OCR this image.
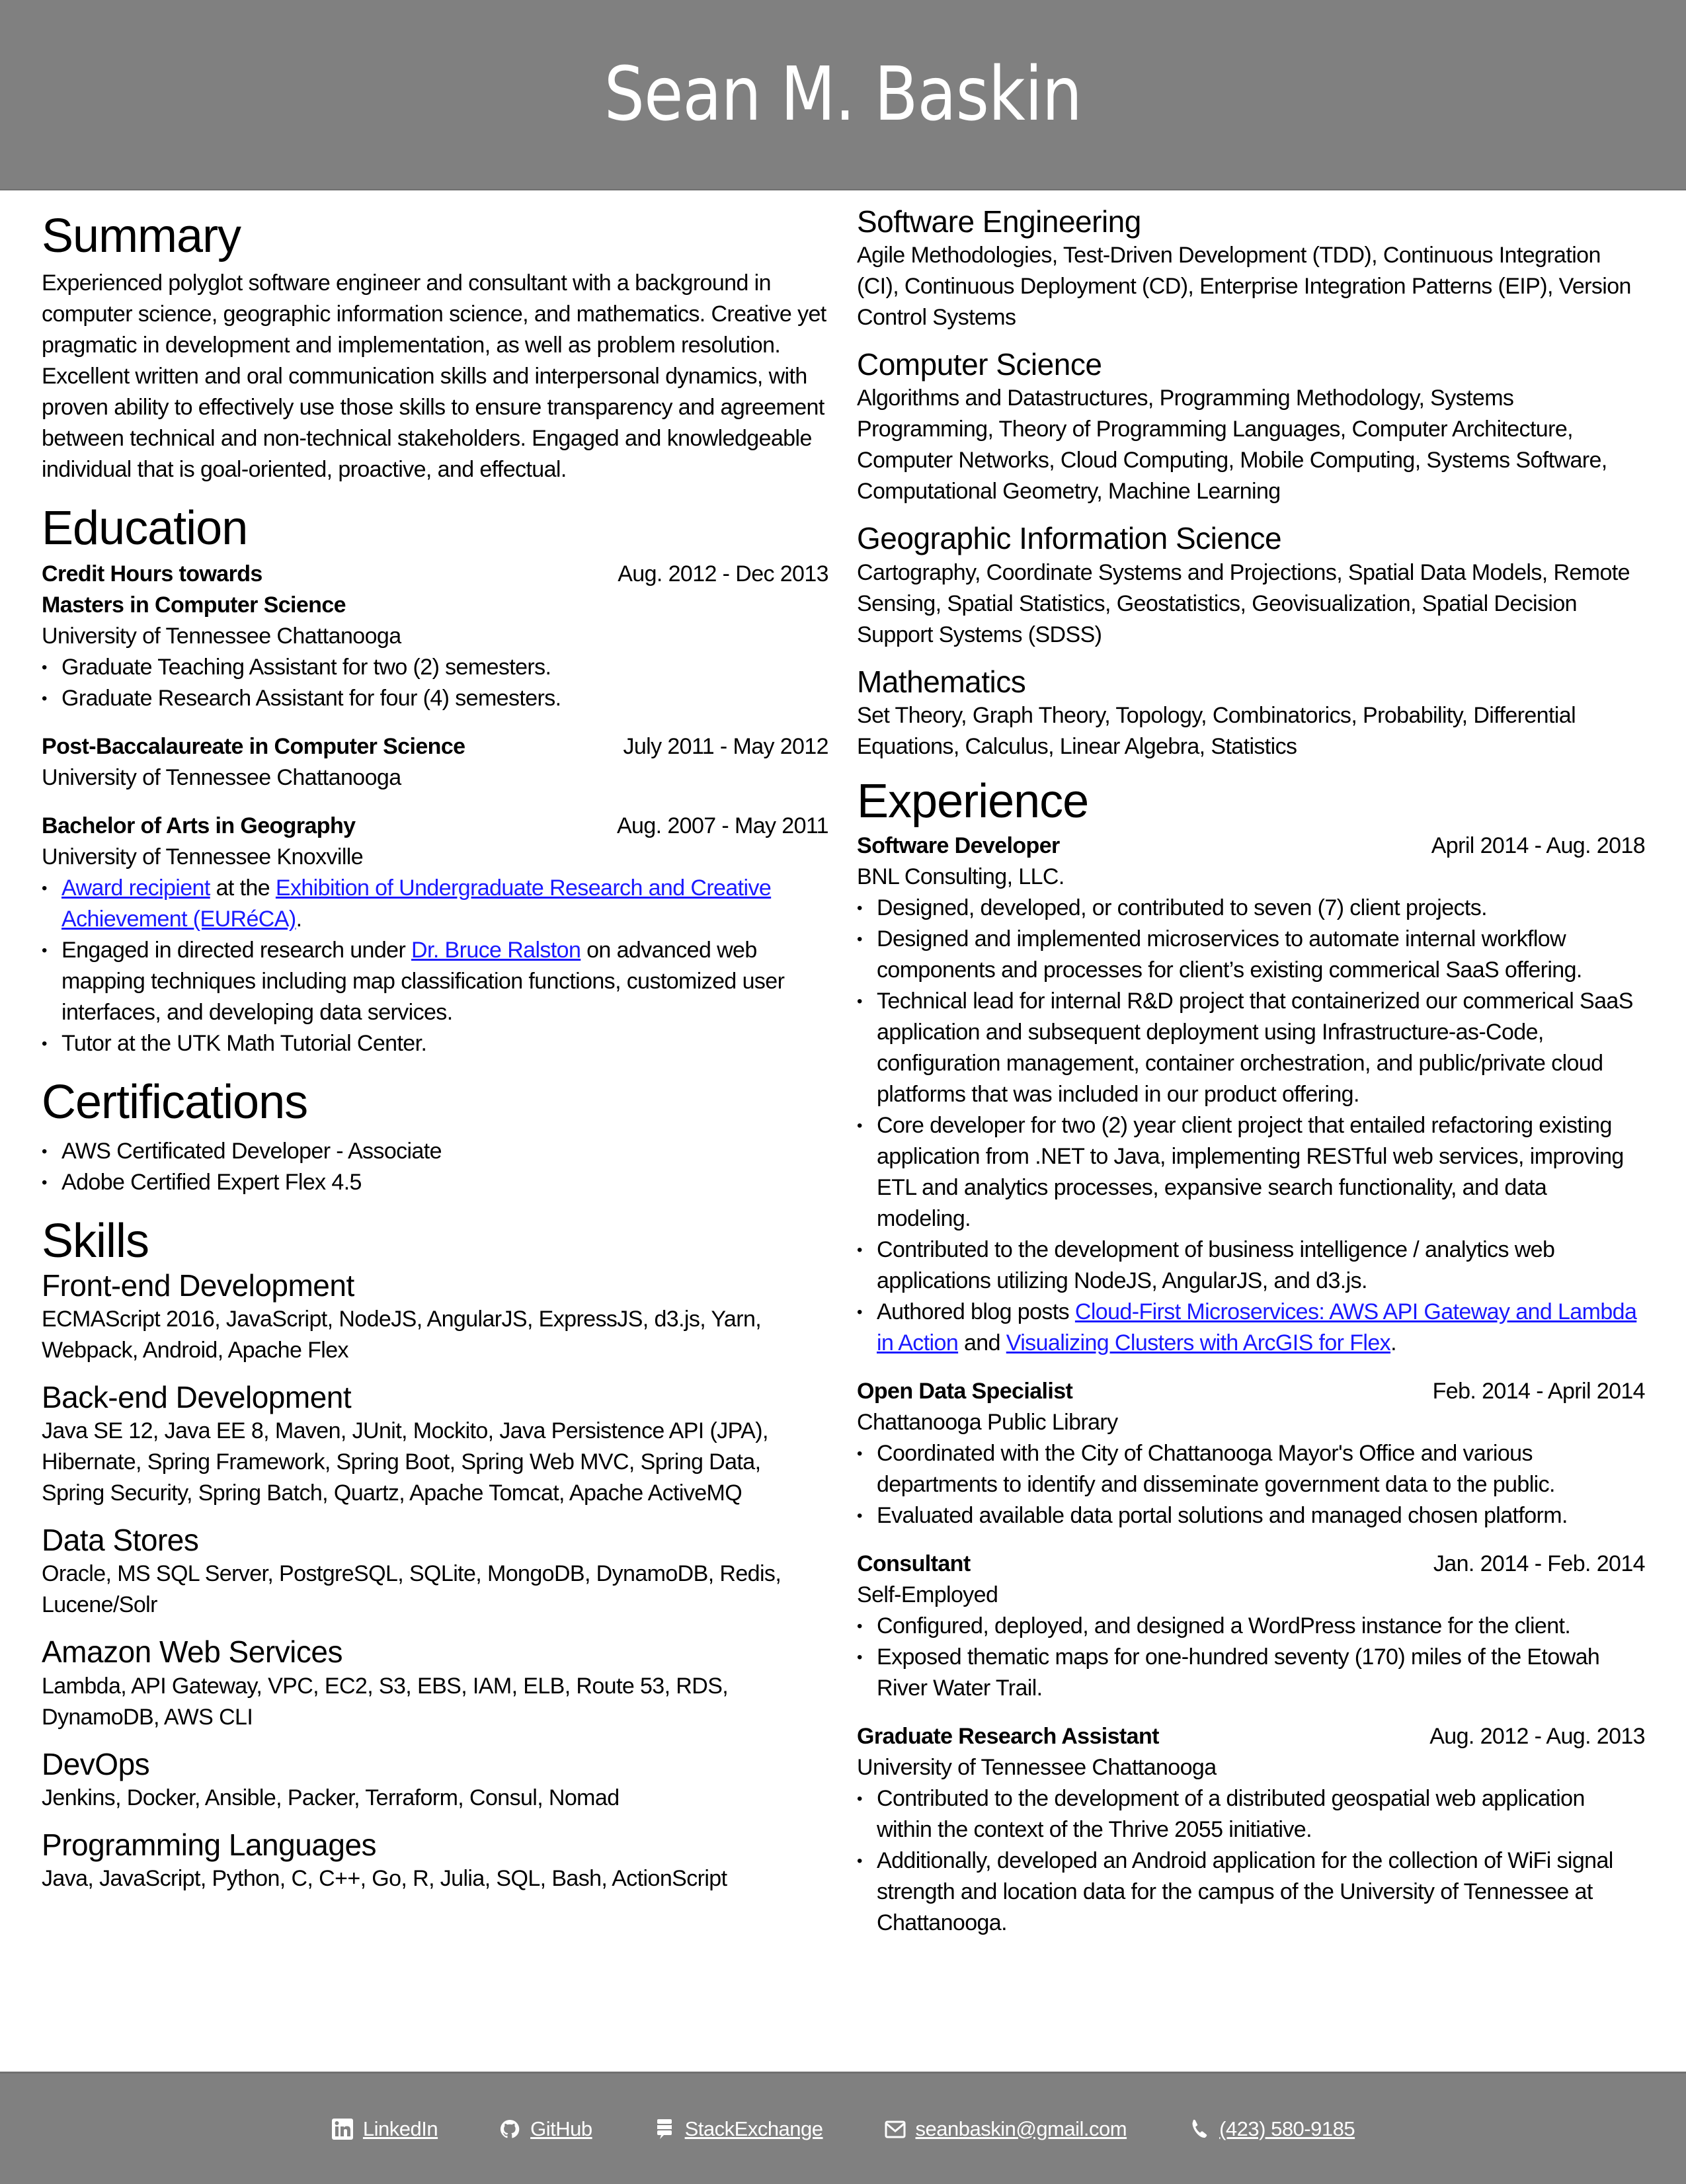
Sean M. Baskin
Summary

Experienced polyglot software engineer and consultant with a background in computer science, geographic information science, and mathematics. Creative yet pragmatic in development and implementation, as well as problem resolution. Excellent written and oral communication skills and interpersonal dynamics, with proven ability to effectively use those skills to ensure transparency and agreement between technical and non-technical stakeholders. Engaged and knowledgeable individual that is goal-oriented, proactive, and effectual.

Education
Credit Hours towards	Aug. 2012 - Dec 2013
Masters in Computer Science
University of Tennessee Chattanooga
• Graduate Teaching Assistant for two (2) semesters.
• Graduate Research Assistant for four (4) semesters.
Post-Baccalaureate in Computer Science	July 2011 - May 2012
University of Tennessee Chattanooga
Bachelor of Arts in Geography	Aug. 2007 - May 2011
University of Tennessee Knoxville
• Award recipient at the Exhibition of Undergraduate Research and Creative Achievement (EURéCA).
• Engaged in directed research under Dr. Bruce Ralston on advanced web mapping techniques including map classification functions, customized user interfaces, and developing data services.
• Tutor at the UTK Math Tutorial Center.
Certifications
• AWS Certificated Developer - Associate
• Adobe Certified Expert Flex 4.5
Skills
Front-end Development

ECMAScript 2016, JavaScript, NodeJS, AngularJS, ExpressJS, d3.js, Yarn, Webpack, Android, Apache Flex

Back-end Development

Java SE 12, Java EE 8, Maven, JUnit, Mockito, Java Persistence API (JPA), Hibernate, Spring Framework, Spring Boot, Spring Web MVC, Spring Data, Spring Security, Spring Batch, Quartz, Apache Tomcat, Apache ActiveMQ

Data Stores

Oracle, MS SQL Server, PostgreSQL, SQLite, MongoDB, DynamoDB, Redis, Lucene/Solr

Amazon Web Services

Lambda, API Gateway, VPC, EC2, S3, EBS, IAM, ELB, Route 53, RDS, DynamoDB, AWS CLI

DevOps

Jenkins, Docker, Ansible, Packer, Terraform, Consul, Nomad

Programming Languages

Java, JavaScript, Python, C, C++, Go, R, Julia, SQL, Bash, ActionScript

Software Engineering

Agile Methodologies, Test-Driven Development (TDD), Continuous Integration (CI), Continuous Deployment (CD), Enterprise Integration Patterns (EIP), Version Control Systems

Computer Science

Algorithms and Datastructures, Programming Methodology, Systems Programming, Theory of Programming Languages, Computer Architecture, Computer Networks, Cloud Computing, Mobile Computing, Systems Software, Computational Geometry, Machine Learning

Geographic Information Science

Cartography, Coordinate Systems and Projections, Spatial Data Models, Remote Sensing, Spatial Statistics, Geostatistics, Geovisualization, Spatial Decision Support Systems (SDSS)

Mathematics

Set Theory, Graph Theory, Topology, Combinatorics, Probability, Differential Equations, Calculus, Linear Algebra, Statistics

Experience
Software Developer	April 2014 - Aug. 2018
BNL Consulting, LLC.
• Designed, developed, or contributed to seven (7) client projects.
• Designed and implemented microservices to automate internal workflow components and processes for client’s existing commerical SaaS offering.
• Technical lead for internal R&D project that containerized our commerical SaaS application and subsequent deployment using Infrastructure-as-Code, configuration management, container orchestration, and public/private cloud platforms that was included in our product offering.
• Core developer for two (2) year client project that entailed refactoring existing application from .NET to Java, implementing RESTful web services, improving ETL and analytics processes, expansive search functionality, and data modeling.
• Contributed to the development of business intelligence / analytics web applications utilizing NodeJS, AngularJS, and d3.js.
• Authored blog posts Cloud-First Microservices: AWS API Gateway and Lambda in Action and Visualizing Clusters with ArcGIS for Flex.
Open Data Specialist	Feb. 2014 - April 2014
Chattanooga Public Library
• Coordinated with the City of Chattanooga Mayor's Office and various departments to identify and disseminate government data to the public.
• Evaluated available data portal solutions and managed chosen platform.
Consultant	Jan. 2014 - Feb. 2014
Self-Employed
• Configured, deployed, and designed a WordPress instance for the client.
• Exposed thematic maps for one-hundred seventy (170) miles of the Etowah River Water Trail.
Graduate Research Assistant	Aug. 2012 - Aug. 2013
University of Tennessee Chattanooga
• Contributed to the development of a distributed geospatial web application within the context of the Thrive 2055 initiative.
• Additionally, developed an Android application for the collection of WiFi signal strength and location data for the campus of the University of Tennessee at Chattanooga.
LinkedIn	GitHub	StackExchange	seanbaskin@gmail.com	(423) 580-9185
